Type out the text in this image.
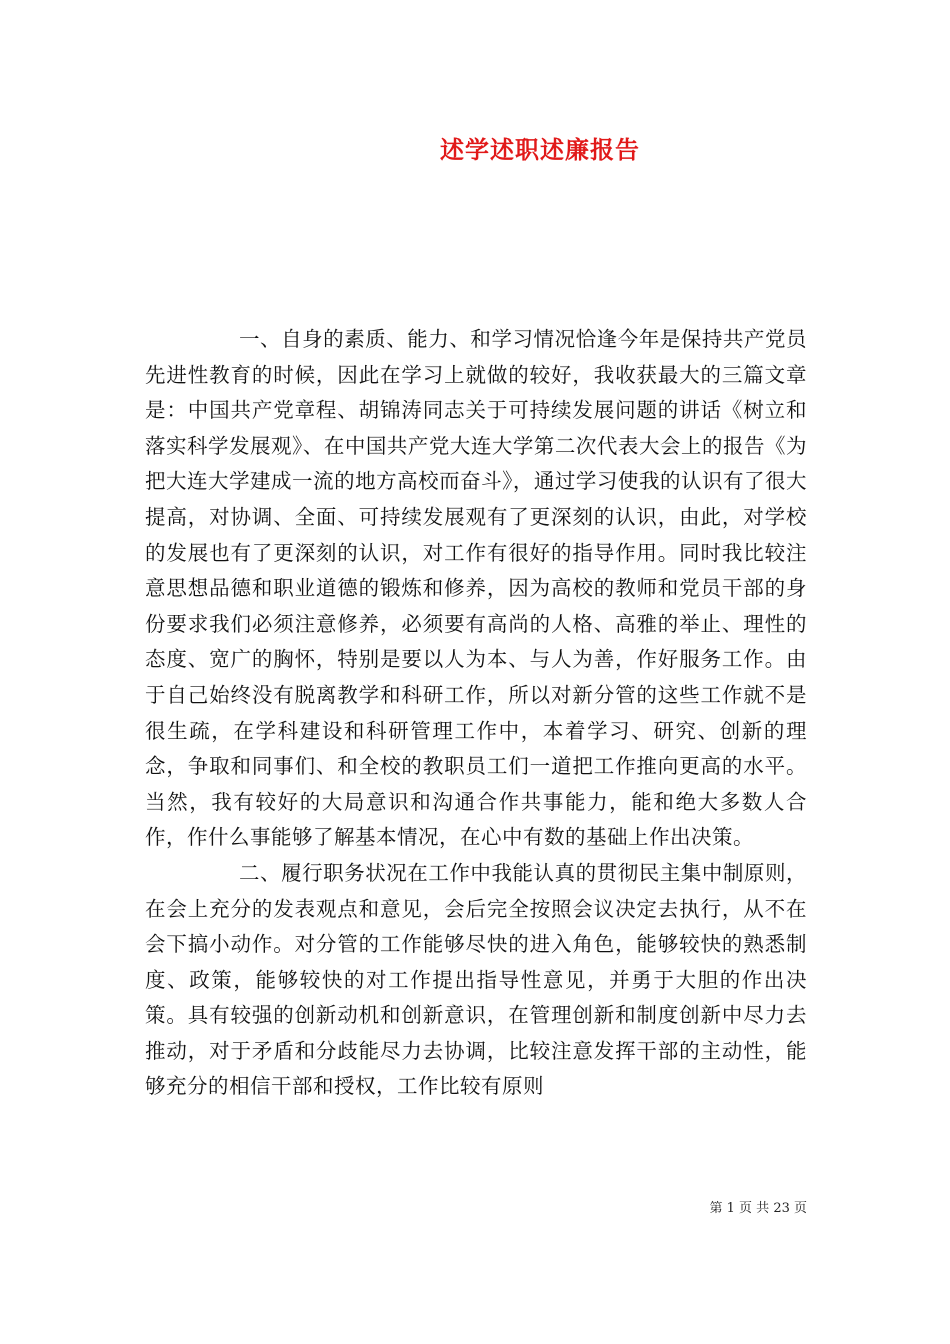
述学述职述廉报告

一、自身的素质、能力、和学习情况恰逢今年是保持共产党员先进性教育的时候，因此在学习上就做的较好，我收获最大的三篇文章是：中国共产党章程、胡锦涛同志关于可持续发展问题的讲话《树立和落实科学发展观》、在中国共产党大连大学第二次代表大会上的报告《为把大连大学建成一流的地方高校而奋斗》，通过学习使我的认识有了很大提高，对协调、全面、可持续发展观有了更深刻的认识，由此，对学校的发展也有了更深刻的认识，对工作有很好的指导作用。同时我比较注意思想品德和职业道德的锻炼和修养，因为高校的教师和党员干部的身份要求我们必须注意修养，必须要有高尚的人格、高雅的举止、理性的态度、宽广的胸怀，特别是要以人为本、与人为善，作好服务工作。由于自己始终没有脱离教学和科研工作，所以对新分管的这些工作就不是很生疏，在学科建设和科研管理工作中，本着学习、研究、创新的理念，争取和同事们、和全校的教职员工们一道把工作推向更高的水平。当然，我有较好的大局意识和沟通合作共事能力，能和绝大多数人合作，作什么事能够了解基本情况，在心中有数的基础上作出决策。

二、履行职务状况在工作中我能认真的贯彻民主集中制原则，在会上充分的发表观点和意见，会后完全按照会议决定去执行，从不在会下搞小动作。对分管的工作能够尽快的进入角色，能够较快的熟悉制度、政策，能够较快的对工作提出指导性意见，并勇于大胆的作出决策。具有较强的创新动机和创新意识，在管理创新和制度创新中尽力去推动，对于矛盾和分歧能尽力去协调，比较注意发挥干部的主动性，能够充分的相信干部和授权，工作比较有原则

第 1 页 共 23 页
